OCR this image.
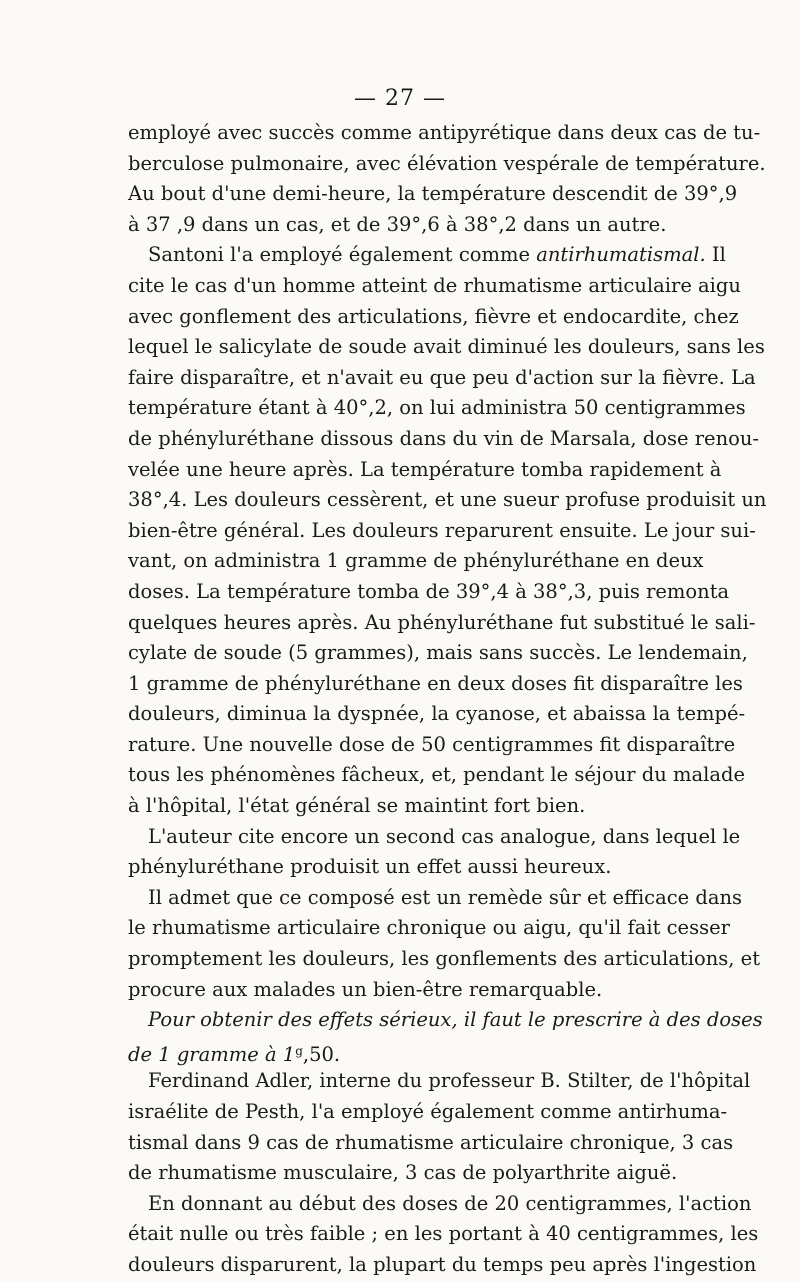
— 27 —
employé avec succès comme antipyrétique dans deux cas de tu-
berculose pulmonaire, avec élévation vespérale de température.
Au bout d'une demi-heure, la température descendit de 39°,9
à 37 ,9 dans un cas, et de 39°,6 à 38°,2 dans un autre.
Santoni l'a employé également comme antirhumatismal. Il
cite le cas d'un homme atteint de rhumatisme articulaire aigu
avec gonflement des articulations, fièvre et endocardite, chez
lequel le salicylate de soude avait diminué les douleurs, sans les
faire disparaître, et n'avait eu que peu d'action sur la fièvre. La
température étant à 40°,2, on lui administra 50 centigrammes
de phényluréthane dissous dans du vin de Marsala, dose renou-
velée une heure après. La température tomba rapidement à
38°,4. Les douleurs cessèrent, et une sueur profuse produisit un
bien-être général. Les douleurs reparurent ensuite. Le jour sui-
vant, on administra 1 gramme de phényluréthane en deux
doses. La température tomba de 39°,4 à 38°,3, puis remonta
quelques heures après. Au phényluréthane fut substitué le sali-
cylate de soude (5 grammes), mais sans succès. Le lendemain,
1 gramme de phényluréthane en deux doses fit disparaître les
douleurs, diminua la dyspnée, la cyanose, et abaissa la tempé-
rature. Une nouvelle dose de 50 centigrammes fit disparaître
tous les phénomènes fâcheux, et, pendant le séjour du malade
à l'hôpital, l'état général se maintint fort bien.
L'auteur cite encore un second cas analogue, dans lequel le
phényluréthane produisit un effet aussi heureux.
Il admet que ce composé est un remède sûr et efficace dans
le rhumatisme articulaire chronique ou aigu, qu'il fait cesser
promptement les douleurs, les gonflements des articulations, et
procure aux malades un bien-être remarquable.
Pour obtenir des effets sérieux, il faut le prescrire à des doses
de 1 gramme à 1$^g$,50.
Ferdinand Adler, interne du professeur B. Stilter, de l'hôpital
israélite de Pesth, l'a employé également comme antirhuma-
tismal dans 9 cas de rhumatisme articulaire chronique, 3 cas
de rhumatisme musculaire, 3 cas de polyarthrite aiguë.
En donnant au début des doses de 20 centigrammes, l'action
était nulle ou très faible ; en les portant à 40 centigrammes, les
douleurs disparurent, la plupart du temps peu après l'ingestion
